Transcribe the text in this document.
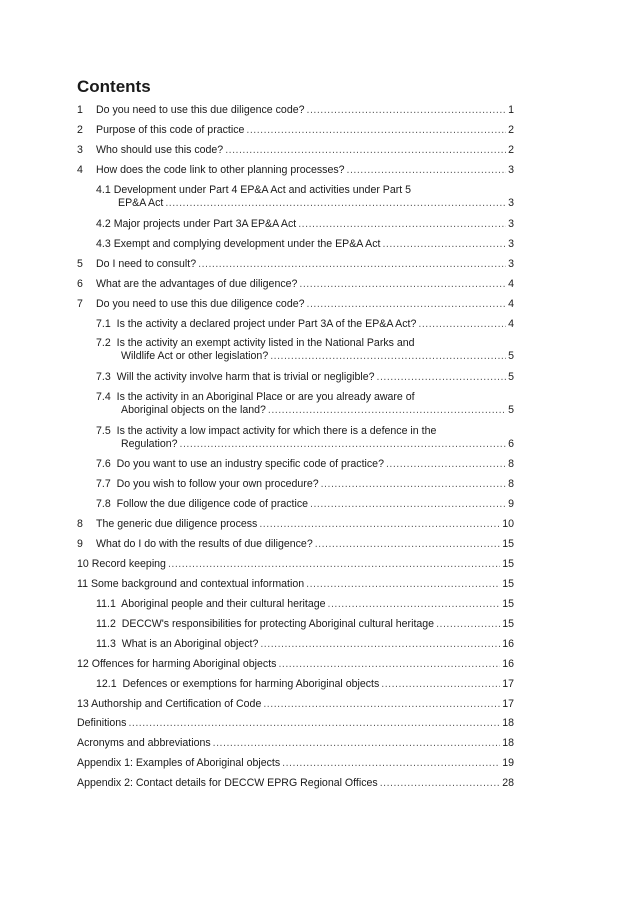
Contents
1 Do you need to use this due diligence code? .....	1
2 Purpose of this code of practice .....	2
3 Who should use this code? .....	2
4 How does the code link to other planning processes? .....	3
4.1 Development under Part 4 EP&A Act and activities under Part 5
EP&A Act .....	3
4.2 Major projects under Part 3A EP&A Act .....	3
4.3 Exempt and complying development under the EP&A Act .....	3
5 Do I need to consult? .....	3
6 What are the advantages of due diligence? .....	4
7 Do you need to use this due diligence code? .....	4
7.1 Is the activity a declared project under Part 3A of the EP&A Act? .....	4
7.2 Is the activity an exempt activity listed in the National Parks and
Wildlife Act or other legislation? .....	5
7.3 Will the activity involve harm that is trivial or negligible? .....	5
7.4 Is the activity in an Aboriginal Place or are you already aware of
Aboriginal objects on the land? .....	5
7.5 Is the activity a low impact activity for which there is a defence in the
Regulation? .....	6
7.6 Do you want to use an industry specific code of practice? .....	8
7.7 Do you wish to follow your own procedure? .....	8
7.8 Follow the due diligence code of practice .....	9
8 The generic due diligence process .....	10
9 What do I do with the results of due diligence? .....	15
10 Record keeping .....	15
11 Some background and contextual information .....	15
11.1 Aboriginal people and their cultural heritage .....	15
11.2 DECCW's responsibilities for protecting Aboriginal cultural heritage .....	15
11.3 What is an Aboriginal object? .....	16
12 Offences for harming Aboriginal objects .....	16
12.1 Defences or exemptions for harming Aboriginal objects .....	17
13 Authorship and Certification of Code .....	17
Definitions .....	18
Acronyms and abbreviations .....	18
Appendix 1: Examples of Aboriginal objects .....	19
Appendix 2: Contact details for DECCW EPRG Regional Offices .....	28
